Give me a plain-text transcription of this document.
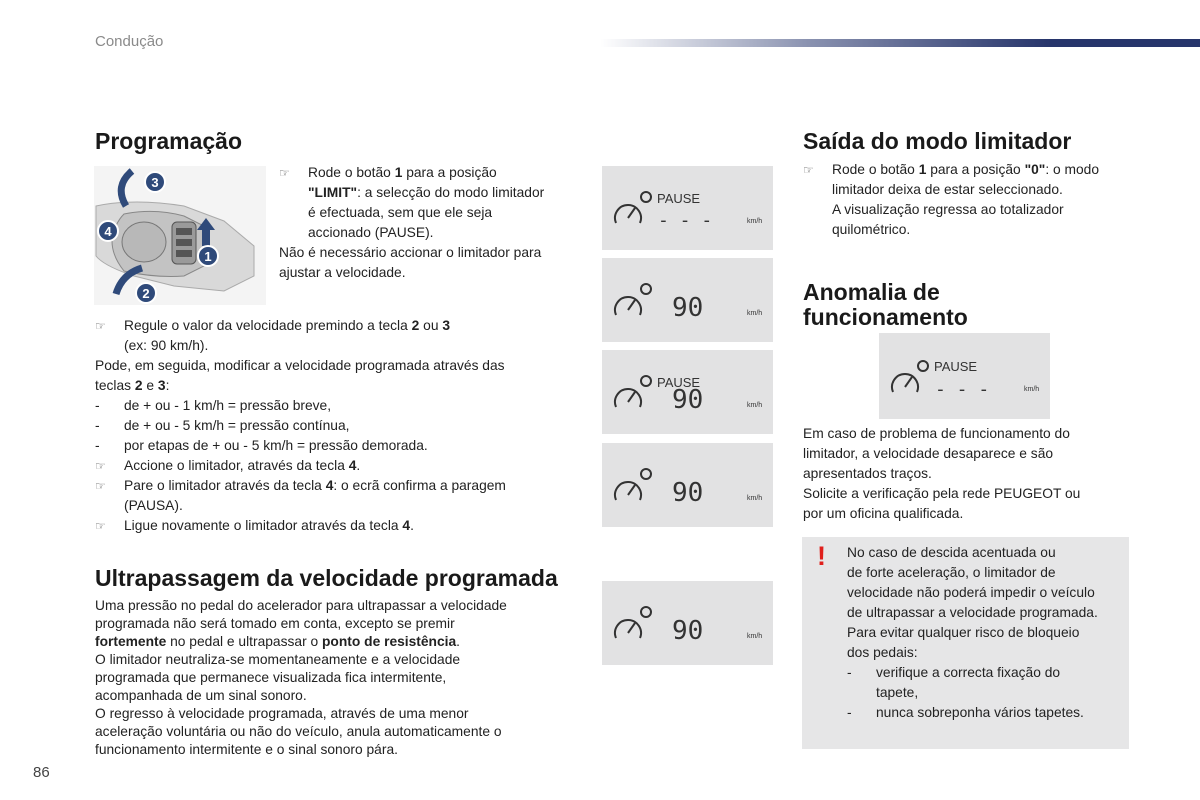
Condução
Programação
3
4
1
2
☞ Rode o botão 1 para a posição
"LIMIT": a selecção do modo limitador
é efectuada, sem que ele seja
accionado (PAUSE).
Não é necessário accionar o limitador para
ajustar a velocidade.
☞ Regule o valor da velocidade premindo a tecla 2 ou 3
(ex: 90 km/h).
Pode, em seguida, modificar a velocidade programada através das
teclas 2 e 3:
- de + ou - 1 km/h = pressão breve,
- de + ou - 5 km/h = pressão contínua,
- por etapas de + ou - 5 km/h = pressão demorada.
☞ Accione o limitador, através da tecla 4.
☞ Pare o limitador através da tecla 4: o ecrã confirma a paragem
(PAUSA).
☞ Ligue novamente o limitador através da tecla 4.
Ultrapassagem da velocidade programada
Uma pressão no pedal do acelerador para ultrapassar a velocidade
programada não será tomado em conta, excepto se premir
fortemente no pedal e ultrapassar o ponto de resistência.
O limitador neutraliza-se momentaneamente e a velocidade
programada que permanece visualizada fica intermitente,
acompanhada de um sinal sonoro.
O regresso à velocidade programada, através de uma menor
aceleração voluntária ou não do veículo, anula automaticamente o
funcionamento intermitente e o sinal sonoro pára.
PAUSE
- - -	km/h
90	km/h
PAUSE
90	km/h
90	km/h
90	km/h
Saída do modo limitador
☞ Rode o botão 1 para a posição "0": o modo
limitador deixa de estar seleccionado.
A visualização regressa ao totalizador
quilométrico.
Anomalia de
funcionamento
PAUSE
- - -	km/h
Em caso de problema de funcionamento do
limitador, a velocidade desaparece e são
apresentados traços.
Solicite a verificação pela rede PEUGEOT ou
por um oficina qualificada.
! No caso de descida acentuada ou
de forte aceleração, o limitador de
velocidade não poderá impedir o veículo
de ultrapassar a velocidade programada.
Para evitar qualquer risco de bloqueio
dos pedais:
- verifique a correcta fixação do
tapete,
- nunca sobreponha vários tapetes.
86
